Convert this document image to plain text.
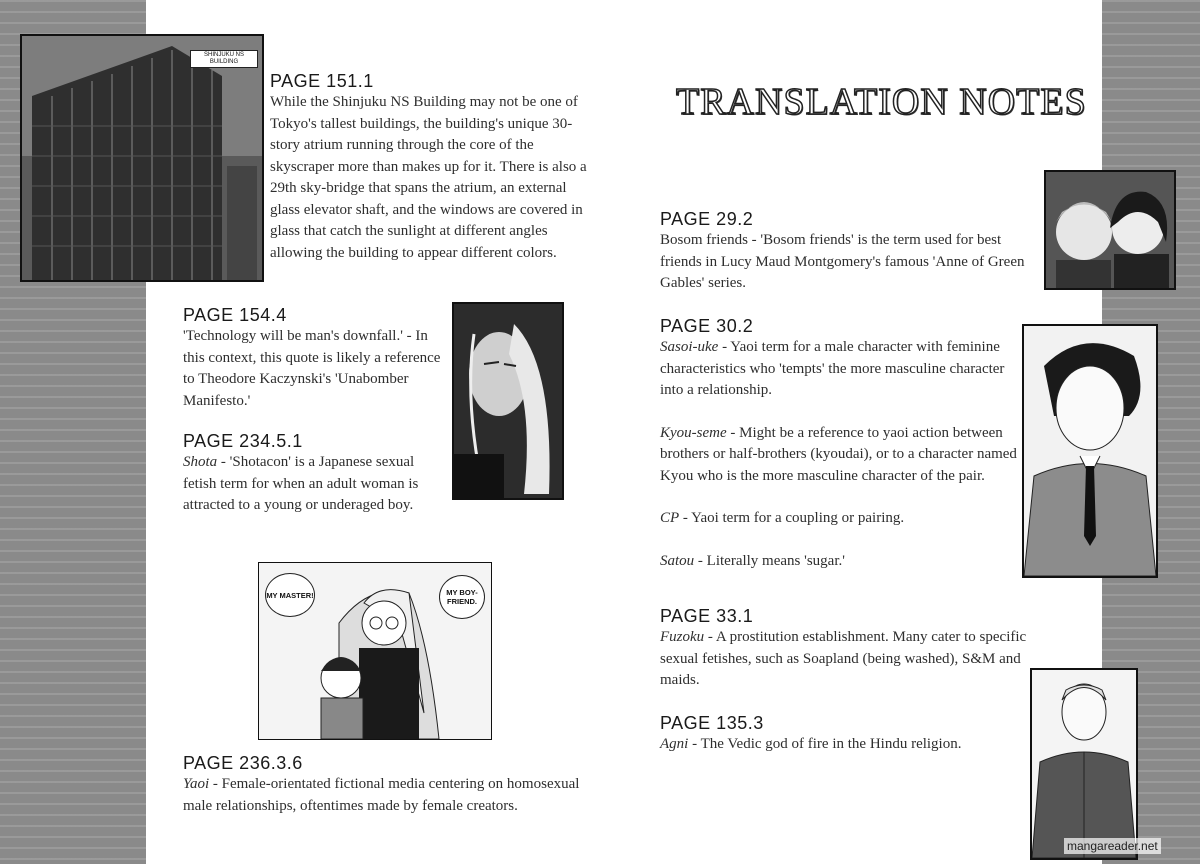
TRANSLATION NOTES
SHINJUKU NS BUILDING
MY MASTER!	MY BOY-FRIEND.
PAGE 151.1

While the Shinjuku NS Building may not be one of Tokyo's tallest buildings, the building's unique 30-story atrium running through the core of the skyscraper more than makes up for it. There is also a 29th sky-bridge that spans the atrium, an external glass elevator shaft, and the windows are covered in glass that catch the sunlight at different angles allowing the building to appear different colors.

PAGE 154.4

'Technology will be man's downfall.' - In this context, this quote is likely a reference to Theodore Kaczynski's 'Unabomber Manifesto.'

PAGE 234.5.1

Shota - 'Shotacon' is a Japanese sexual fetish term for when an adult woman is attracted to a young or underaged boy.

PAGE 236.3.6

Yaoi - Female-orientated fictional media centering on homosexual male relationships, oftentimes made by female creators.

PAGE 29.2

Bosom friends - 'Bosom friends' is the term used for best friends in Lucy Maud Montgomery's famous 'Anne of Green Gables' series.

PAGE 30.2

Sasoi-uke - Yaoi term for a male character with feminine characteristics who 'tempts' the more masculine character into a relationship.

Kyou-seme - Might be a reference to yaoi action between brothers or half-brothers (kyoudai), or to a character named Kyou who is the more masculine character of the pair.

CP - Yaoi term for a coupling or pairing.

Satou - Literally means 'sugar.'

PAGE 33.1

Fuzoku - A prostitution establishment. Many cater to specific sexual fetishes, such as Soapland (being washed), S&M and maids.

PAGE 135.3

Agni - The Vedic god of fire in the Hindu religion.

mangareader.net
